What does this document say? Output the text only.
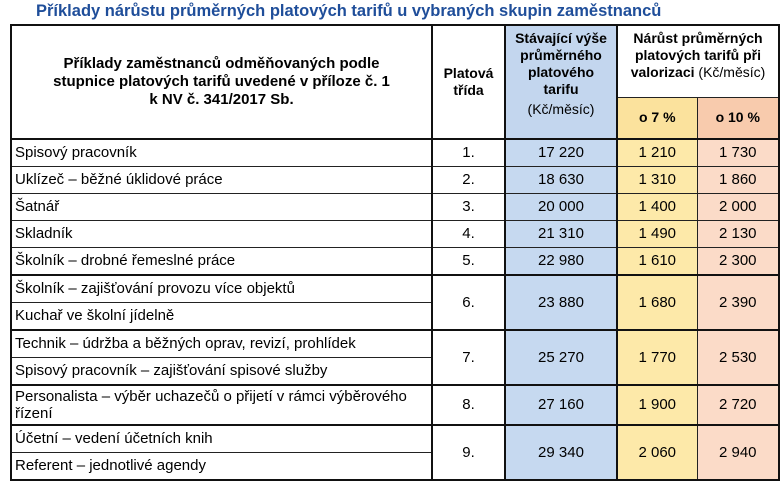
Příklady nárůstu průměrných platových tarifů u vybraných skupin zaměstnanců
Příklady zaměstnanců odměňovaných podle
stupnice platových tarifů uvedené v příloze č. 1
k NV č. 341/2017 Sb.	Platová
třída	Stávající výše
průměrného
platového
tarifu
(Kč/měsíc)	Nárůst průměrných
platových tarifů při
valorizaci (Kč/měsíc)	
			o 7 %	o 10 %
Spisový pracovník	1.	17 220	1 210	1 730
Uklízeč – běžné úklidové práce	2.	18 630	1 310	1 860
Šatnář	3.	20 000	1 400	2 000
Skladník	4.	21 310	1 490	2 130
Školník – drobné řemeslné práce	5.	22 980	1 610	2 300
Školník – zajišťování provozu více objektů	6.	23 880	1 680	2 390
Kuchař ve školní jídelně				
Technik – údržba a běžných oprav, revizí, prohlídek	7.	25 270	1 770	2 530
Spisový pracovník – zajišťování spisové služby				
Personalista – výběr uchazečů o přijetí v rámci výběrového řízení	8.	27 160	1 900	2 720
Účetní – vedení účetních knih	9.	29 340	2 060	2 940
Referent – jednotlivé agendy				
